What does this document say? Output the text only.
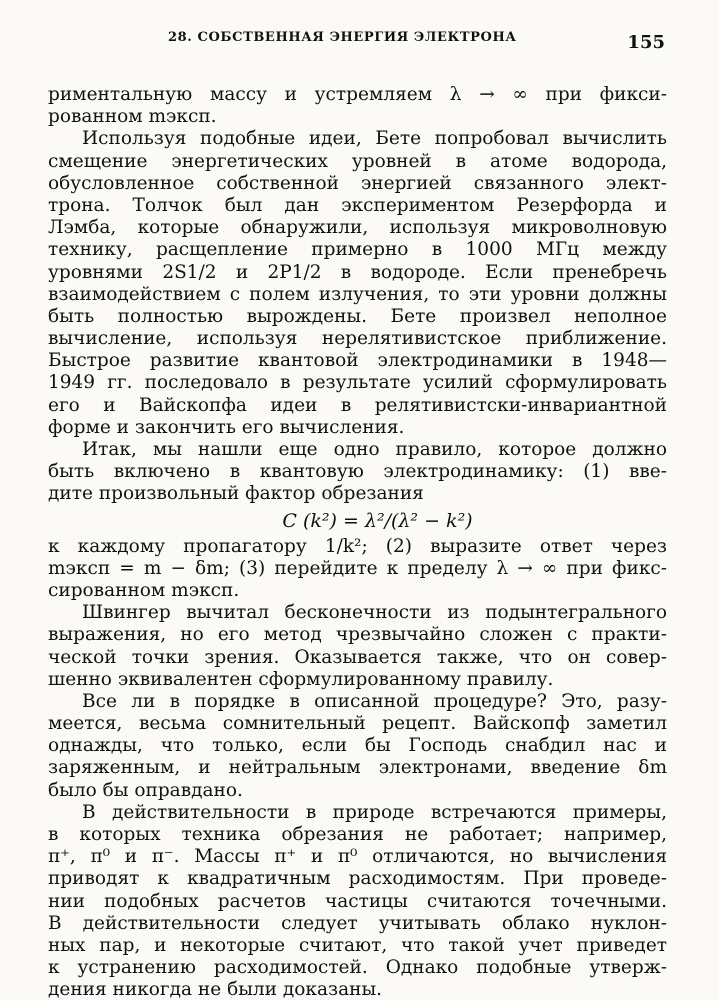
28. СОБСТВЕННАЯ ЭНЕРГИЯ ЭЛЕКТРОНА	155
риментальную массу и устремляем λ → ∞ при фикси-
рованном mэксп.
Используя подобные идеи, Бете попробовал вычислить
смещение энергетических уровней в атоме водорода,
обусловленное собственной энергией связанного элект-
трона. Толчок был дан экспериментом Резерфорда и
Лэмба, которые обнаружили, используя микроволновую
технику, расщепление примерно в 1000 МГц между
уровнями 2S1/2 и 2P1/2 в водороде. Если пренебречь
взаимодействием с полем излучения, то эти уровни должны
быть полностью вырождены. Бете произвел неполное
вычисление, используя нерелятивистское приближение.
Быстрое развитие квантовой электродинамики в 1948—
1949 гг. последовало в результате усилий сформулировать
его и Вайскопфа идеи в релятивистски-инвариантной
форме и закончить его вычисления.
Итак, мы нашли еще одно правило, которое должно
быть включено в квантовую электродинамику: (1) вве-
дите произвольный фактор обрезания
C (k²) = λ²/(λ² − k²)
к каждому пропагатору 1/k²; (2) выразите ответ через
mэксп = m − δm; (3) перейдите к пределу λ → ∞ при фикс-
сированном mэксп.
Швингер вычитал бесконечности из подынтегрального
выражения, но его метод чрезвычайно сложен с практи-
ческой точки зрения. Оказывается также, что он совер-
шенно эквивалентен сформулированному правилу.
Все ли в порядке в описанной процедуре? Это, разу-
меется, весьма сомнительный рецепт. Вайскопф заметил
однажды, что только, если бы Господь снабдил нас и
заряженным, и нейтральным электронами, введение δm
было бы оправдано.
В действительности в природе встречаются примеры,
в которых техника обрезания не работает; например,
π⁺, π⁰ и π⁻. Массы π⁺ и π⁰ отличаются, но вычисления
приводят к квадратичным расходимостям. При проведе-
нии подобных расчетов частицы считаются точечными.
В действительности следует учитывать облако нуклон-
ных пар, и некоторые считают, что такой учет приведет
к устранению расходимостей. Однако подобные утверж-
дения никогда не были доказаны.
